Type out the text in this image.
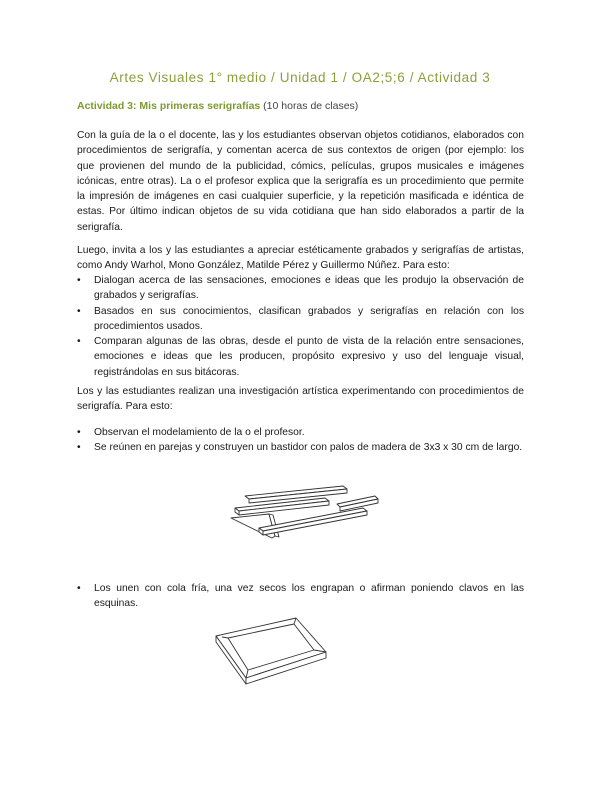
Artes Visuales 1° medio / Unidad 1 / OA2;5;6 / Actividad 3
Actividad 3: Mis primeras serigrafías (10 horas de clases)

Con la guía de la o el docente, las y los estudiantes observan objetos cotidianos, elaborados con procedimientos de serigrafía, y comentan acerca de sus contextos de origen (por ejemplo: los que provienen del mundo de la publicidad, cómics, películas, grupos musicales e imágenes icónicas, entre otras). La o el profesor explica que la serigrafía es un procedimiento que permite la impresión de imágenes en casi cualquier superficie, y la repetición masificada e idéntica de estas. Por último indican objetos de su vida cotidiana que han sido elaborados a partir de la serigrafía.

Luego, invita a los y las estudiantes a apreciar estéticamente grabados y serigrafías de artistas, como Andy Warhol, Mono González, Matilde Pérez y Guillermo Núñez. Para esto:

• Dialogan acerca de las sensaciones, emociones e ideas que les produjo la observación de grabados y serigrafías.
• Basados en sus conocimientos, clasifican grabados y serigrafías en relación con los procedimientos usados.
• Comparan algunas de las obras, desde el punto de vista de la relación entre sensaciones, emociones e ideas que les producen, propósito expresivo y uso del lenguaje visual, registrándolas en sus bitácoras.

Los y las estudiantes realizan una investigación artística experimentando con procedimientos de serigrafía. Para esto:

• Observan el modelamiento de la o el profesor.
• Se reúnen en parejas y construyen un bastidor con palos de madera de 3x3 x 30 cm de largo.
• Los unen con cola fría, una vez secos los engrapan o afirman poniendo clavos en las esquinas.
